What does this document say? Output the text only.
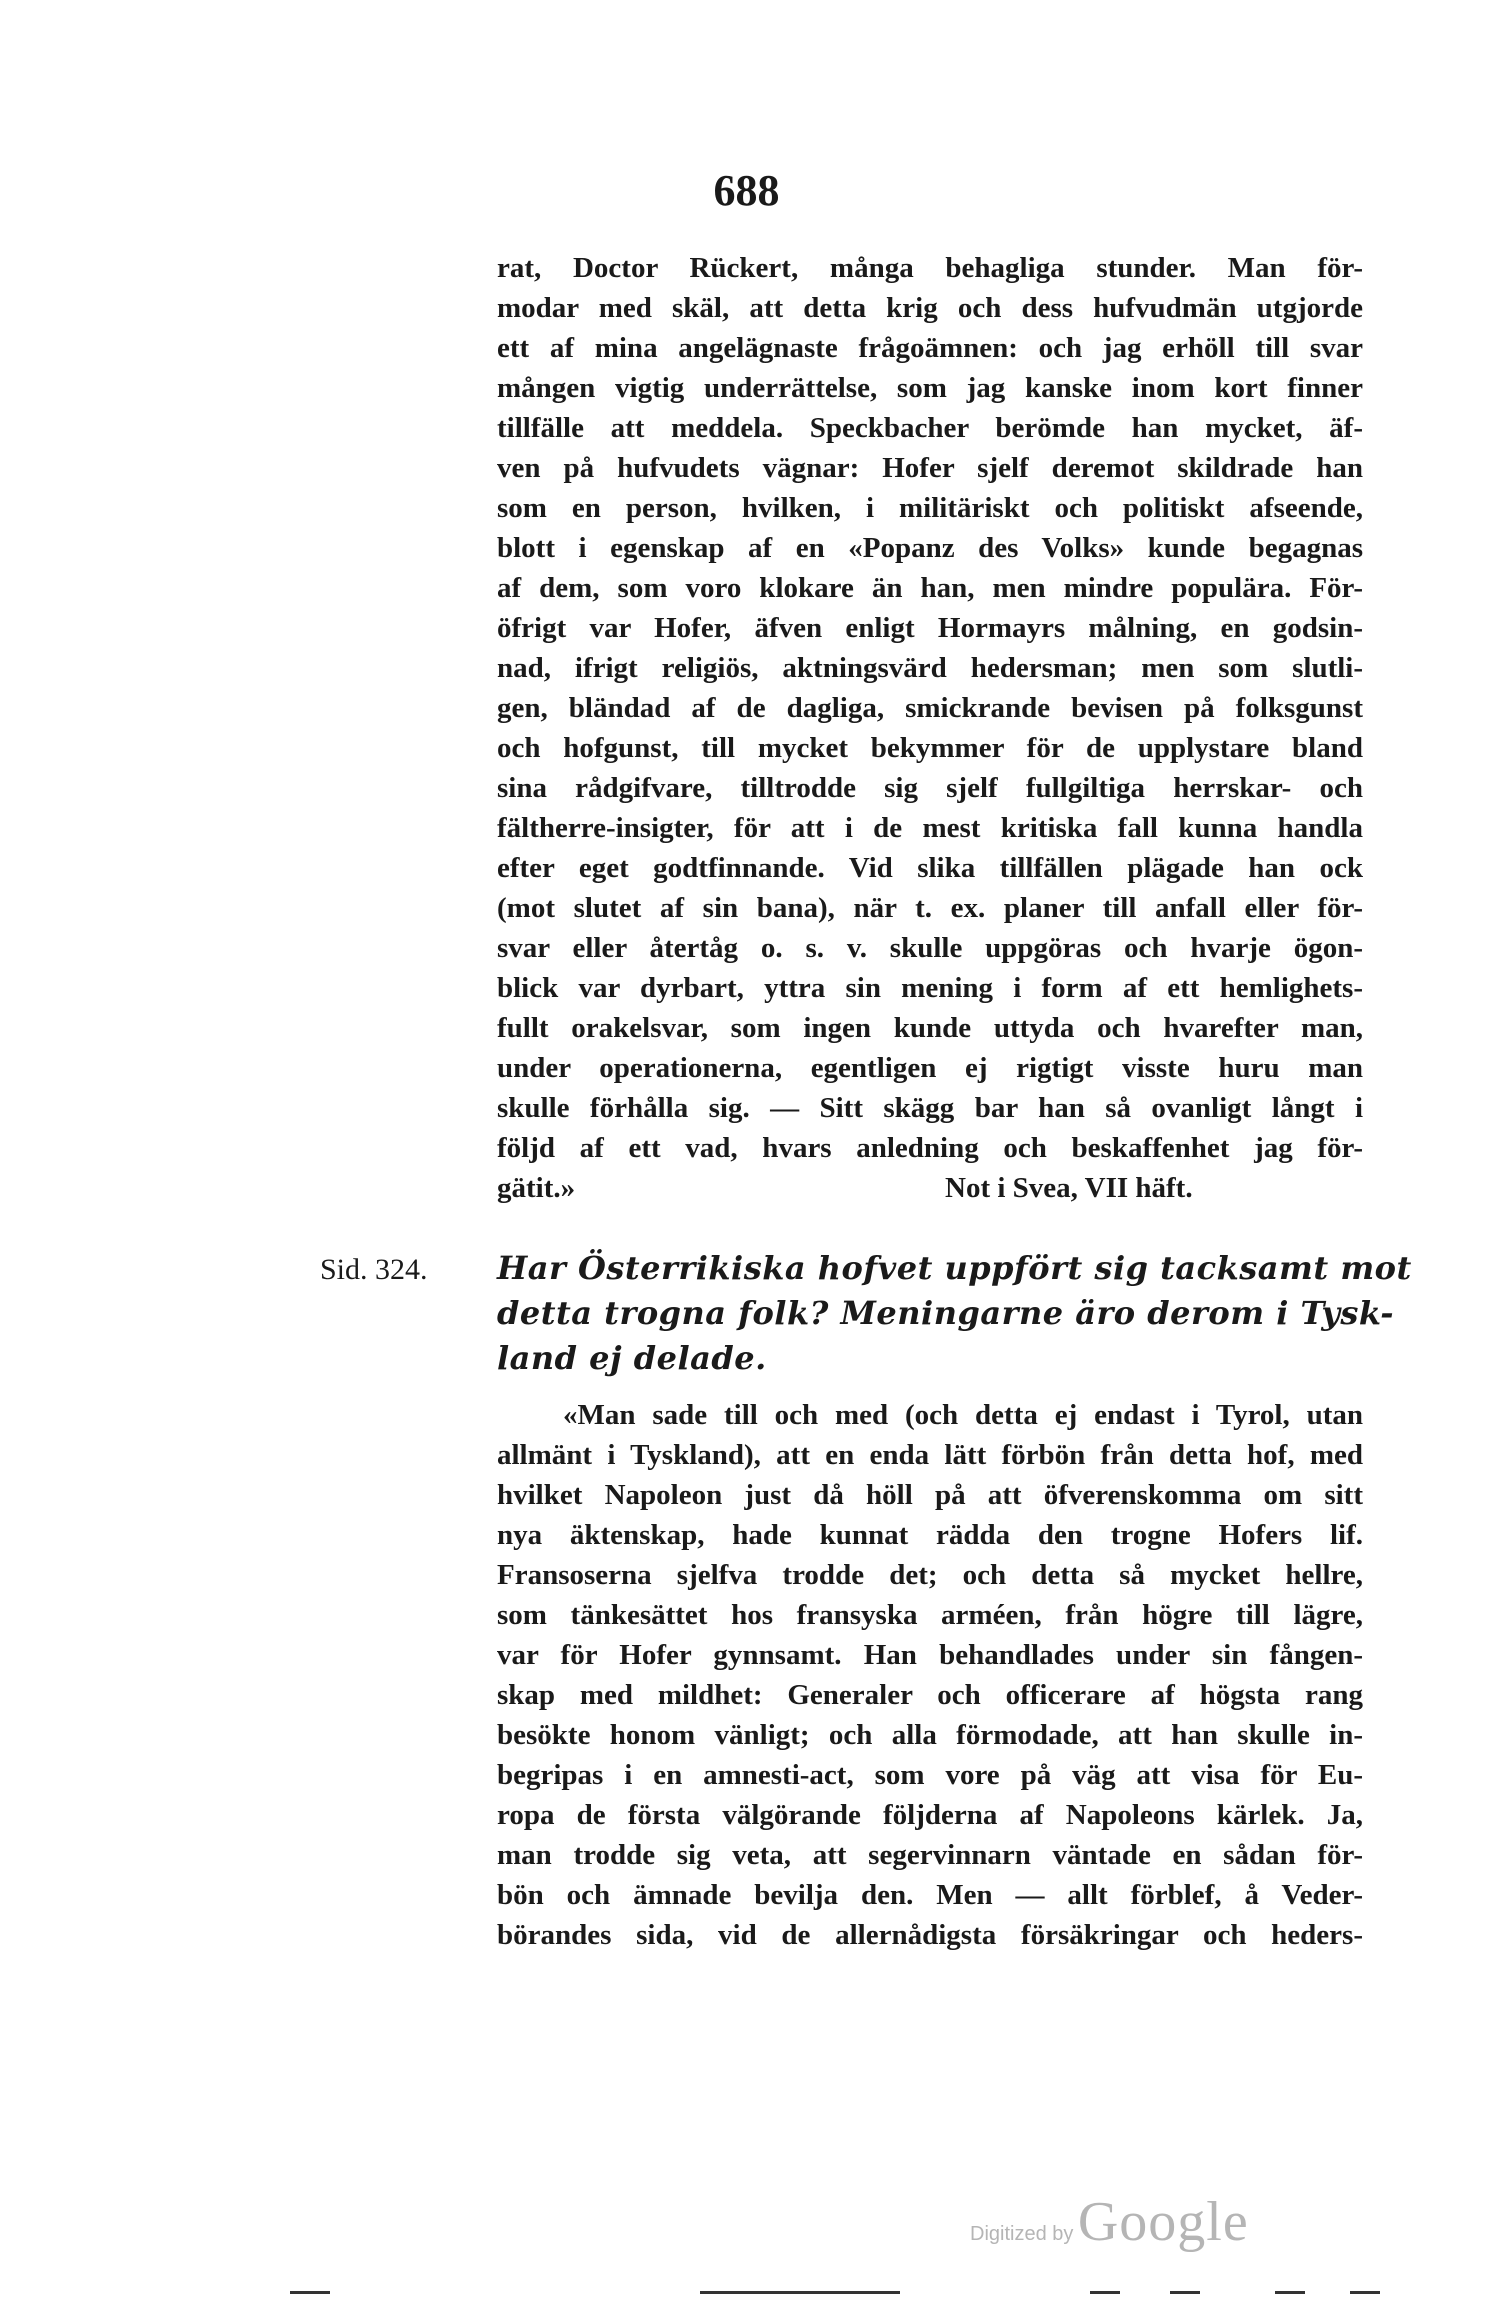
688
rat, Doctor Rückert, många behagliga stunder. Man för-
modar med skäl, att detta krig och dess hufvudmän utgjorde
ett af mina angelägnaste frågoämnen: och jag erhöll till svar
mången vigtig underrättelse, som jag kanske inom kort finner
tillfälle att meddela. Speckbacher berömde han mycket, äf-
ven på hufvudets vägnar: Hofer sjelf deremot skildrade han
som en person, hvilken, i militäriskt och politiskt afseende,
blott i egenskap af en «Popanz des Volks» kunde begagnas
af dem, som voro klokare än han, men mindre populära. För-
öfrigt var Hofer, äfven enligt Hormayrs målning, en godsin-
nad, ifrigt religiös, aktningsvärd hedersman; men som slutli-
gen, bländad af de dagliga, smickrande bevisen på folksgunst
och hofgunst, till mycket bekymmer för de upplystare bland
sina rådgifvare, tilltrodde sig sjelf fullgiltiga herrskar- och
fältherre-insigter, för att i de mest kritiska fall kunna handla
efter eget godtfinnande. Vid slika tillfällen plägade han ock
(mot slutet af sin bana), när t. ex. planer till anfall eller för-
svar eller återtåg o. s. v. skulle uppgöras och hvarje ögon-
blick var dyrbart, yttra sin mening i form af ett hemlighets-
fullt orakelsvar, som ingen kunde uttyda och hvarefter man,
under operationerna, egentligen ej rigtigt visste huru man
skulle förhålla sig. — Sitt skägg bar han så ovanligt långt i
följd af ett vad, hvars anledning och beskaffenhet jag för-
gätit.»	Not i Svea, VII häft.
Sid. 324. Har Österrikiska hofvet uppfört sig tacksamt mot
detta trogna folk? Meningarne äro derom i Tysk-
land ej delade.
«Man sade till och med (och detta ej endast i Tyrol, utan
allmänt i Tyskland), att en enda lätt förbön från detta hof, med
hvilket Napoleon just då höll på att öfverenskomma om sitt
nya äktenskap, hade kunnat rädda den trogne Hofers lif.
Fransoserna sjelfva trodde det; och detta så mycket hellre,
som tänkesättet hos fransyska arméen, från högre till lägre,
var för Hofer gynnsamt. Han behandlades under sin fången-
skap med mildhet: Generaler och officerare af högsta rang
besökte honom vänligt; och alla förmodade, att han skulle in-
begripas i en amnesti-act, som vore på väg att visa för Eu-
ropa de första välgörande följderna af Napoleons kärlek. Ja,
man trodde sig veta, att segervinnarn väntade en sådan för-
bön och ämnade bevilja den. Men — allt förblef, å Veder-
börandes sida, vid de allernådigsta försäkringar och heders-
Digitized by Google
